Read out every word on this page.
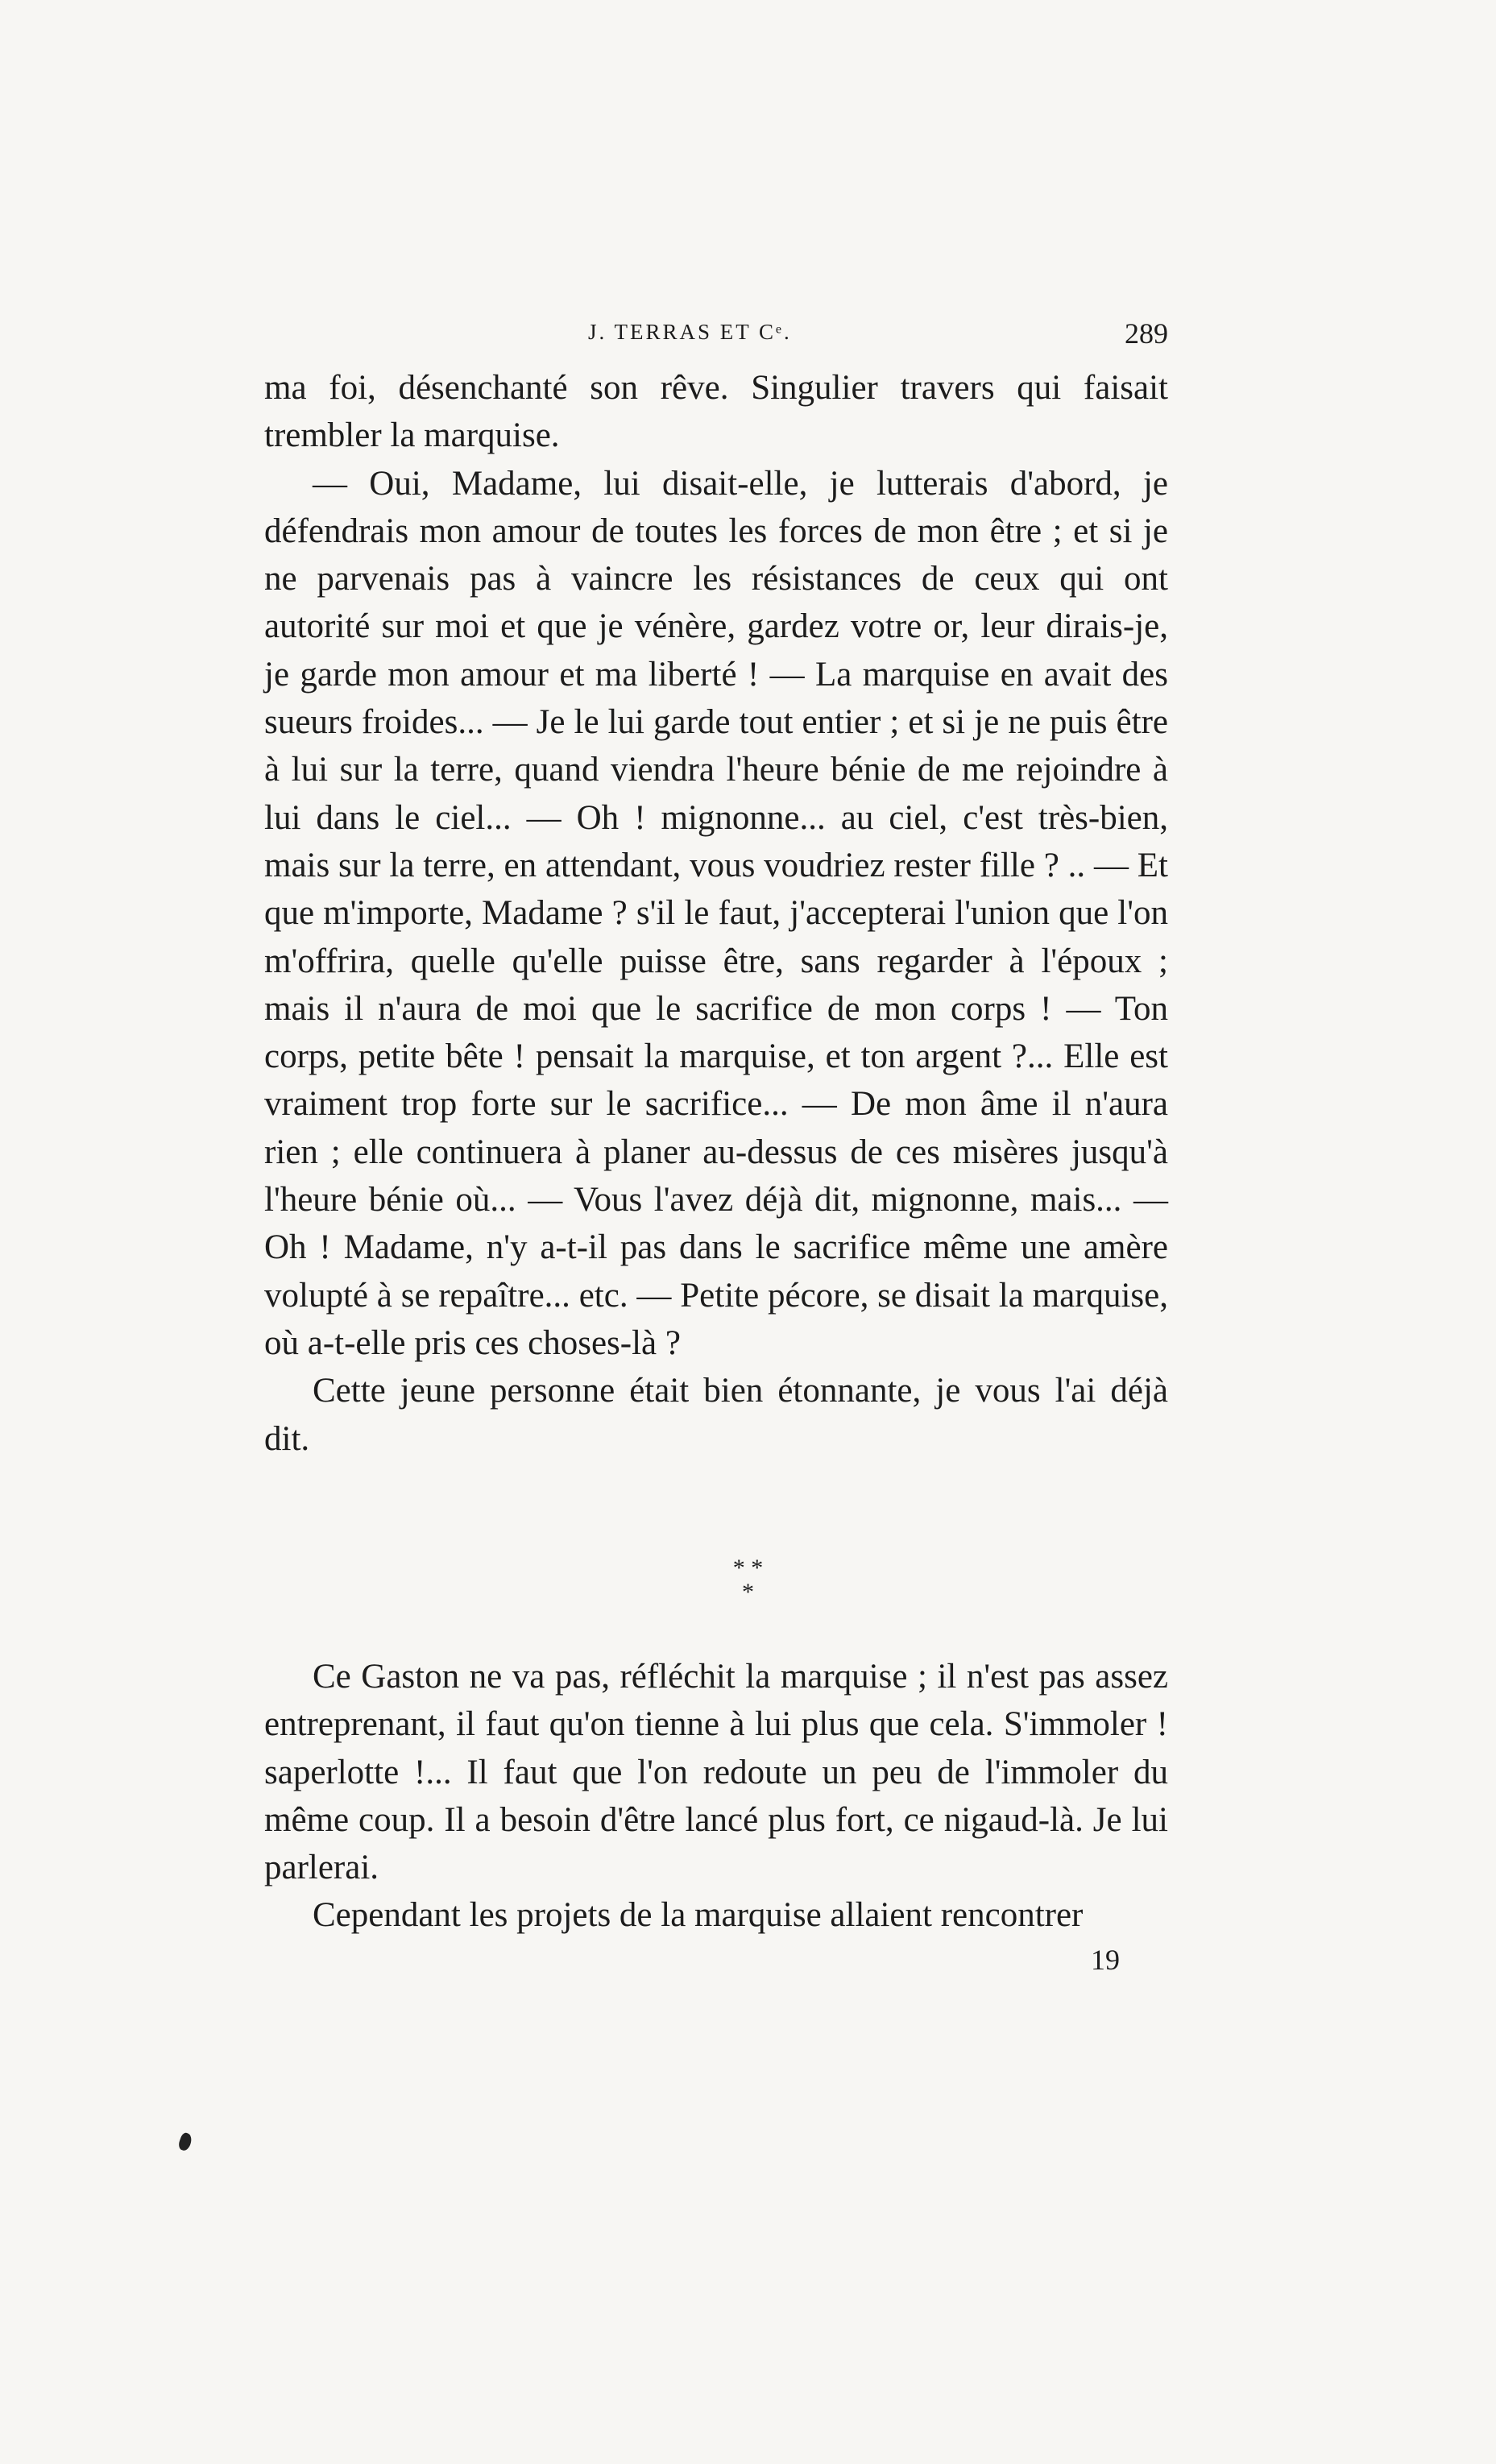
J. TERRAS ET Cᵉ.	289

ma foi, désenchanté son rêve. Singulier travers qui faisait trembler la marquise.

— Oui, Madame, lui disait-elle, je lutterais d'abord, je défendrais mon amour de toutes les forces de mon être ; et si je ne parvenais pas à vaincre les résistances de ceux qui ont autorité sur moi et que je vénère, gardez votre or, leur dirais-je, je garde mon amour et ma liberté ! — La marquise en avait des sueurs froides... — Je le lui garde tout entier ; et si je ne puis être à lui sur la terre, quand viendra l'heure bénie de me rejoindre à lui dans le ciel... — Oh ! mignonne... au ciel, c'est très-bien, mais sur la terre, en attendant, vous voudriez rester fille ? .. — Et que m'importe, Madame ? s'il le faut, j'accepterai l'union que l'on m'offrira, quelle qu'elle puisse être, sans regarder à l'époux ; mais il n'aura de moi que le sacrifice de mon corps ! — Ton corps, petite bête ! pensait la marquise, et ton argent ?... Elle est vraiment trop forte sur le sacrifice... — De mon âme il n'aura rien ; elle continuera à planer au-dessus de ces misères jusqu'à l'heure bénie où... — Vous l'avez déjà dit, mignonne, mais... — Oh ! Madame, n'y a-t-il pas dans le sacrifice même une amère volupté à se repaître... etc. — Petite pécore, se disait la marquise, où a-t-elle pris ces choses-là ?

Cette jeune personne était bien étonnante, je vous l'ai déjà dit.

* *
*

Ce Gaston ne va pas, réfléchit la marquise ; il n'est pas assez entreprenant, il faut qu'on tienne à lui plus que cela. S'immoler ! saperlotte !... Il faut que l'on redoute un peu de l'immoler du même coup. Il a besoin d'être lancé plus fort, ce nigaud-là. Je lui parlerai.

Cependant les projets de la marquise allaient rencontrer

19
